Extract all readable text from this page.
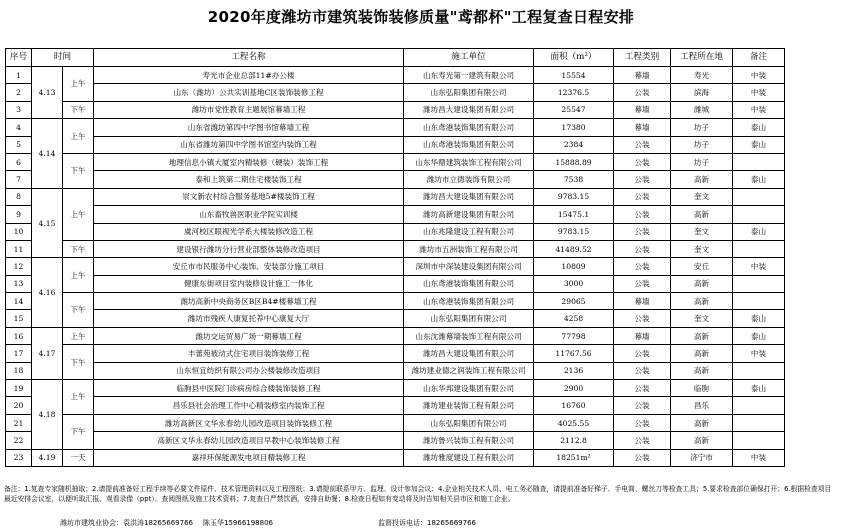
2020年度潍坊市建筑装饰装修质量"鸢都杯"工程复查日程安排
序号	时间		工程名称	施工单位	面积（m²）	工程类别	工程所在地	备注
1	4.13	上午	寿光市企业总部11#办公楼	山东寿光第一建筑有限公司	15554	幕墙	寿光	中装
2			山东（潍坊）公共实训基地C区装饰装修工程	山东弘阳集团有限公司	12376.5	公装	滨海	中装
3		下午	潍坊市党性教育主题展馆幕墙工程	潍坊昌大建设集团有限公司	25547	幕墙	潍城	中装
4	4.14	上午	山东省潍坊第四中学图书馆幕墙工程	山东鸢港装饰集团有限公司	17380	幕墙	坊子	泰山
5			山东省潍坊第四中学图书馆室内装饰工程	山东鸢港装饰集团有限公司	2384	公装	坊子	泰山
6		下午	地理信息小镇大厦室内精装修（硬装）装饰工程	山东华鼎建筑装饰工程有限公司	15888.89	公装	坊子	
7			泰和上筑第二期住宅楼装饰工程	潍坊市立德装饰有限公司	7538	公装	高新	泰山
8	4.15	上午	崇文新农村综合服务基地5#楼装饰工程	潍坊昌大建设集团有限公司	9783.15	公装	奎文	
9			山东畜牧兽医职业学院实训楼	潍坊高新建设集团有限公司	15475.1	公装	高新	
10			虞河校区眼视光学系大楼装修改造工程	山东兆隆建设工程有限公司	9783.15	公装	奎文	泰山
11		下午	建设银行潍坊分行营业部整体装修改造项目	潍坊市五洲装饰工程有限公司	41489.52	公装	奎文	
12	4.16	上午	安丘市市民服务中心装饰、安装部分施工项目	深圳市中深装建设集团有限公司	10809	公装	安丘	中装
13			健康东街项目室内装修设计施工一体化	山东鸢港装饰集团有限公司	3000	公装	高新	
14		下午	潍坊高新中央商务区B区B4#楼幕墙工程	山东鸢港装饰集团有限公司	29065	幕墙	高新	
15			潍坊市残疾人康复托养中心康复大厅	山东弘阳集团有限公司	4258	公装	奎文	泰山
16	4.17	上午	潍坊交运贸易广场一期幕墙工程	山东沈潍幕墙装饰工程有限公司	77798	幕墙	高新	泰山
17		下午	丰蕾苑被动式住宅项目装饰装修工程	潍坊昌大建设集团有限公司	11767.56	公装	高新	中装
18			山东恒宜纺织有限公司办公楼装修改造项目	潍坊建业德之润装饰工程有限公司	2136	公装	高新	
19	4.18	上午	临朐县中医院门诊病房综合楼装饰装修工程	山东华邦建设集团有限公司	2900	公装	临朐	泰山
20			昌乐县社会治理工作中心精装修室内装饰工程	潍坊建业装饰工程有限公司	16760	公装	昌乐	
21		下午	潍坊高新区文华永春幼儿园改造项目装饰装修工程	山东弘阳集团有限公司	4025.55	公装	高新	
22			高新区文华永春幼儿园改造项目早教中心装饰装修工程	潍坊鲁兴装饰工程有限公司	2112.8	公装	高新	
23	4.19	一天	嘉祥环保能源发电项目精装修工程	潍坊雅度建设工程有限公司	18251m²	公装	济宁市	中装
备注：1.复查专家随机抽取；2.请提前准备好工程手续等必要文件原件、技术管理资料以及工程图纸；3.请提前联系甲方、监理、设计参加会议；4.企业相关技术人员、电工务必随查，请提前准备好梯子、手电筒、螺丝刀等检查工具；5.要求检查部位确保打开；6.根据检查项目最近安排会议室，以便听取汇报、观看录像（ppt）、查阅图纸及施工技术资料；7.复查日严禁饮酒，安排自助餐；8.检查日程如有变动将及时告知相关县市区和施工企业。
潍坊市建筑业协会：袁洪涛18265669766 陈玉华15966198806	监督投诉电话：18265669766
